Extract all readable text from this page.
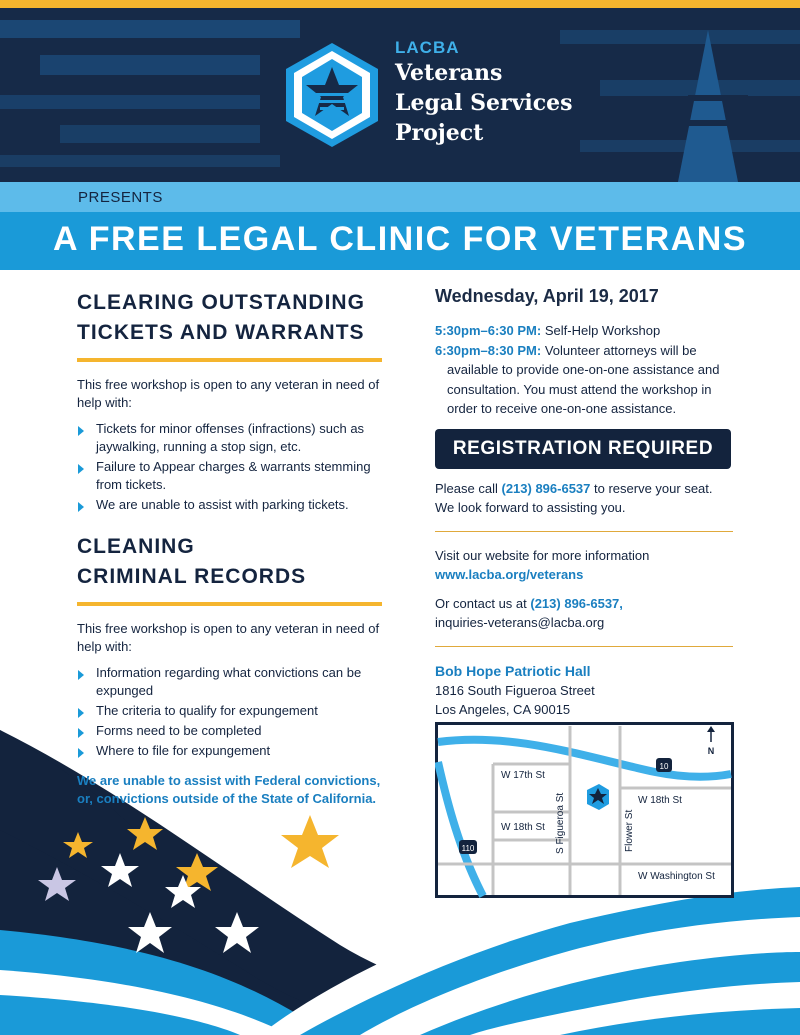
LACBA
Veterans
Legal Services
Project
PRESENTS
A FREE LEGAL CLINIC FOR VETERANS
CLEARING OUTSTANDING
TICKETS AND WARRANTS
This free workshop is open to any veteran in need of help with:
Tickets for minor offenses (infractions) such as jaywalking, running a stop sign, etc.
Failure to Appear charges & warrants stemming from tickets.
We are unable to assist with parking tickets.
CLEANING
CRIMINAL RECORDS
This free workshop is open to any veteran in need of help with:
Information regarding what convictions can be expunged
The criteria to qualify for expungement
Forms need to be completed
Where to file for expungement
We are unable to assist with Federal convictions, or, convictions outside of the State of California.
Wednesday, April 19, 2017
5:30pm–6:30 PM: Self-Help Workshop
6:30pm–8:30 PM: Volunteer attorneys will be available to provide one-on-one assistance and consultation. You must attend the workshop in order to receive one-on-one assistance.
REGISTRATION REQUIRED
Please call (213) 896-6537 to reserve your seat.
We look forward to assisting you.
Visit our website for more information
www.lacba.org/veterans
Or contact us at (213) 896-6537,
inquiries-veterans@lacba.org
Bob Hope Patriotic Hall
1816 South Figueroa Street
Los Angeles, CA 90015
110
10
N
W 17th St
W 18th St
W 18th St
S Figueroa St	Flower St
W Washington St
